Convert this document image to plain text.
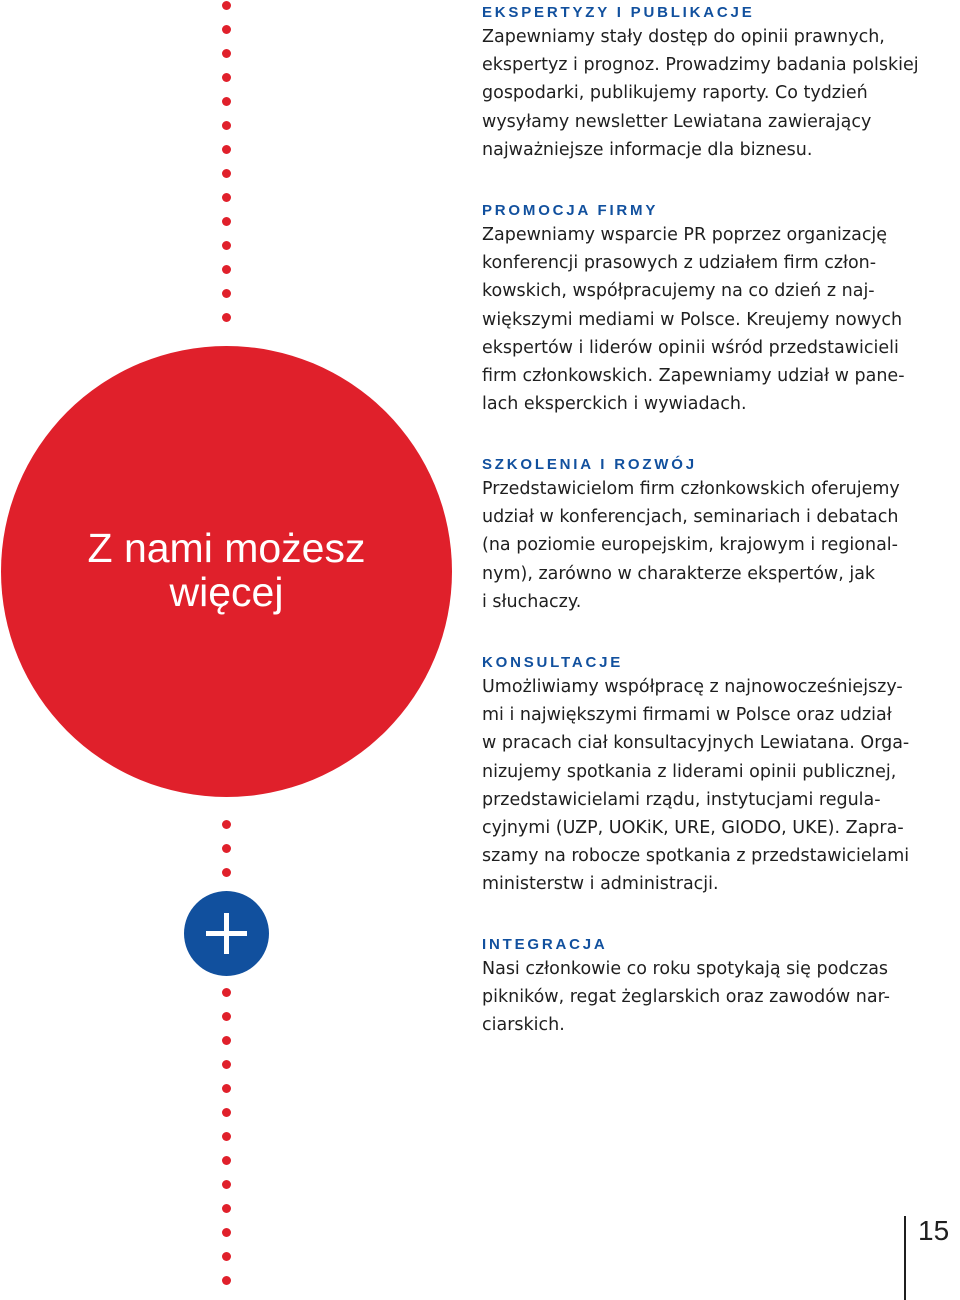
Z nami możesz więcej
EKSPERTYZY I PUBLIKACJE
Zapewniamy stały dostęp do opinii prawnych,
ekspertyz i prognoz. Prowadzimy badania polskiej
gospodarki, publikujemy raporty. Co tydzień
wysyłamy newsletter Lewiatana zawierający
najważniejsze informacje dla biznesu.
PROMOCJA FIRMY
Zapewniamy wsparcie PR poprzez organizację
konferencji prasowych z udziałem firm człon-
kowskich, współpracujemy na co dzień z naj-
większymi mediami w Polsce. Kreujemy nowych
ekspertów i liderów opinii wśród przedstawicieli
firm członkowskich. Zapewniamy udział w pane-
lach eksperckich i wywiadach.
SZKOLENIA I ROZWÓJ
Przedstawicielom firm członkowskich oferujemy
udział w konferencjach, seminariach i debatach
(na poziomie europejskim, krajowym i regional-
nym), zarówno w charakterze ekspertów, jak
i słuchaczy.
KONSULTACJE
Umożliwiamy współpracę z najnowocześniejszy-
mi i największymi firmami w Polsce oraz udział
w pracach ciał konsultacyjnych Lewiatana. Orga-
nizujemy spotkania z liderami opinii publicznej,
przedstawicielami rządu, instytucjami regula-
cyjnymi (UZP, UOKiK, URE, GIODO, UKE). Zapra-
szamy na robocze spotkania z przedstawicielami
ministerstw i administracji.
INTEGRACJA
Nasi członkowie co roku spotykają się podczas
pikników, regat żeglarskich oraz zawodów nar-
ciarskich.
15
